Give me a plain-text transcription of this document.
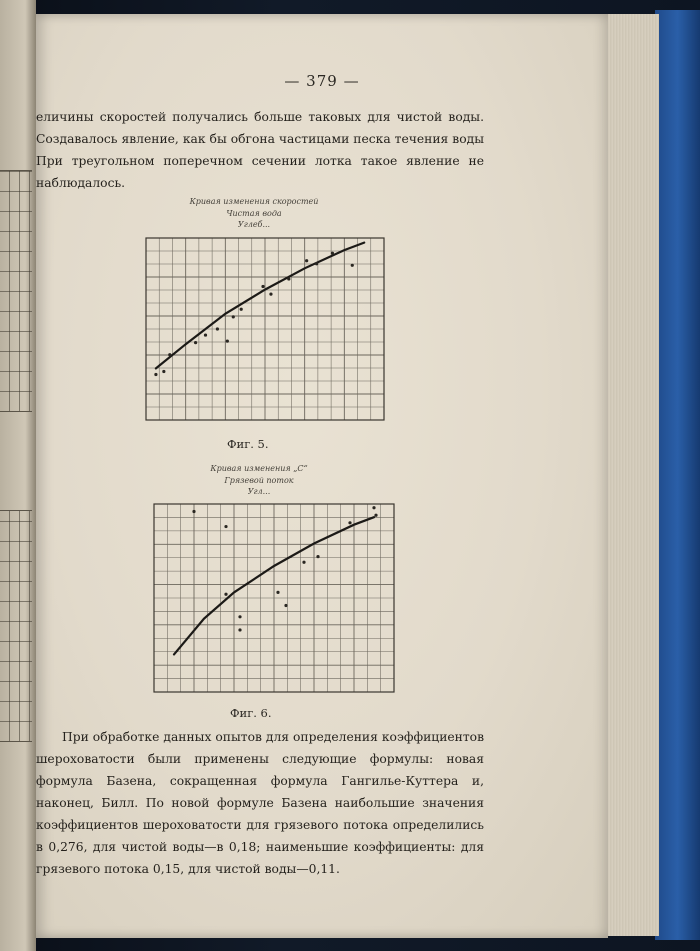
— 379 —

еличины скоростей получались больше таковых для чистой воды. Создавалось явление, как бы обгона частицами песка течения воды При треугольном поперечном сечении лотка такое явление не наблюдалось.

Кривая изменения скоростей
Чистая вода
Углеб...
Фиг. 5.
Кривая изменения „С“
Грязевой поток
Угл...
Фиг. 6.

При обработке данных опытов для определения коэффициентов шероховатости были применены следующие формулы: новая формула Базена, сокращенная формула Гангилье-Куттера и, наконец, Билл. По новой формуле Базена наибольшие значения коэффициентов шероховатости для грязевого потока определились в 0,276, для чистой воды—в 0,18; наименьшие коэффициенты: для грязевого потока 0,15, для чистой воды—0,11.
